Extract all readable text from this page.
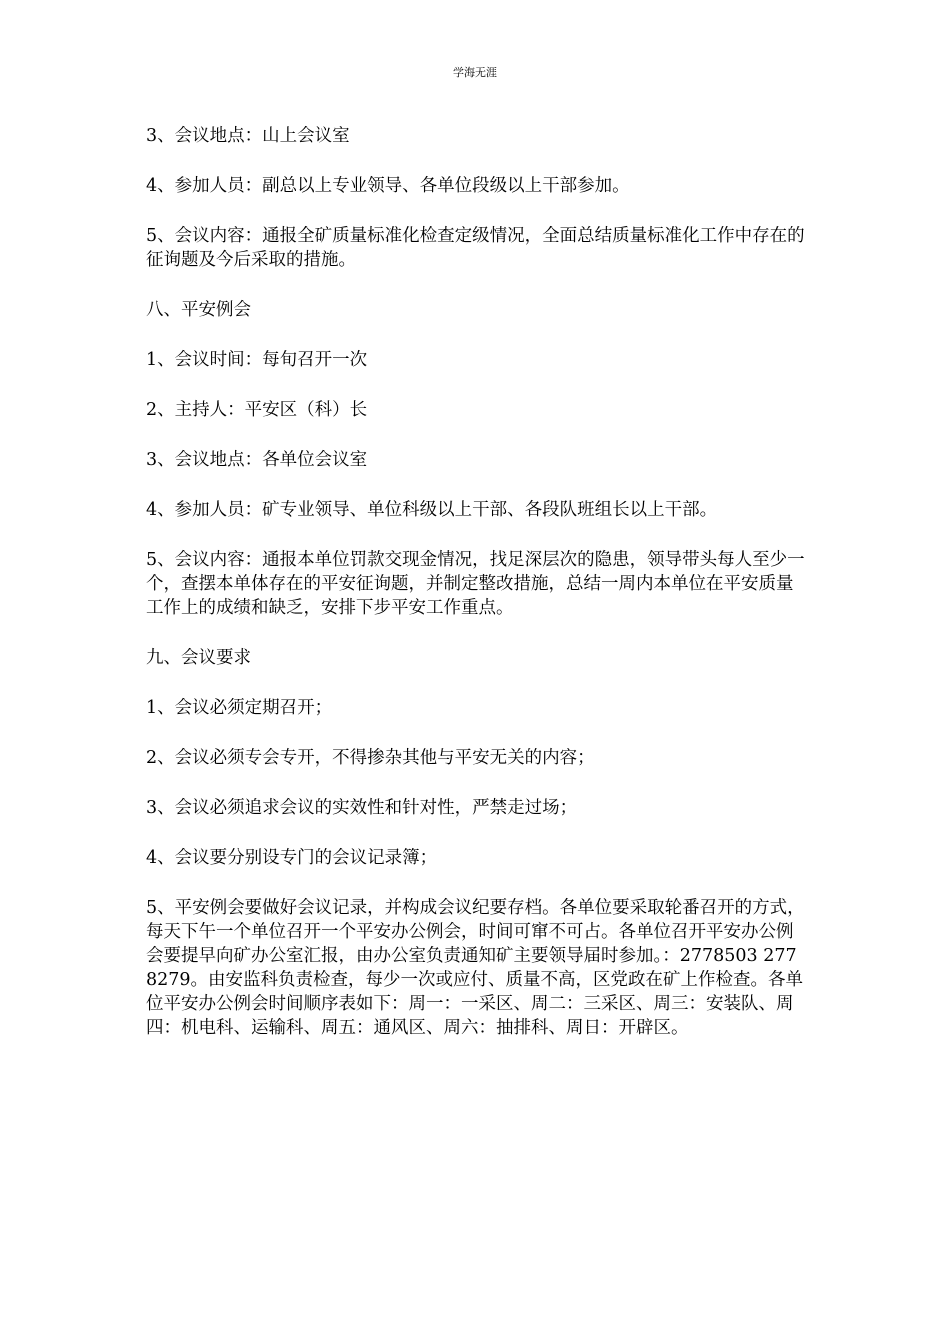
学海无涯

3、会议地点：山上会议室

4、参加人员：副总以上专业领导、各单位段级以上干部参加。

5、会议内容：通报全矿质量标准化检查定级情况，全面总结质量标准化工作中存在的征询题及今后采取的措施。

八、平安例会

1、会议时间：每旬召开一次

2、主持人：平安区（科）长

3、会议地点：各单位会议室

4、参加人员：矿专业领导、单位科级以上干部、各段队班组长以上干部。

5、会议内容：通报本单位罚款交现金情况，找足深层次的隐患，领导带头每人至少一个，查摆本单体存在的平安征询题，并制定整改措施，总结一周内本单位在平安质量工作上的成绩和缺乏，安排下步平安工作重点。

九、会议要求

1、会议必须定期召开；

2、会议必须专会专开，不得掺杂其他与平安无关的内容；

3、会议必须追求会议的实效性和针对性，严禁走过场；

4、会议要分别设专门的会议记录簿；

5、平安例会要做好会议记录，并构成会议纪要存档。各单位要采取轮番召开的方式，每天下午一个单位召开一个平安办公例会，时间可窜不可占。各单位召开平安办公例会要提早向矿办公室汇报，由办公室负责通知矿主要领导届时参加。：2778503 2778279。由安监科负责检查，每少一次或应付、质量不高，区党政在矿上作检查。各单位平安办公例会时间顺序表如下：周一：一采区、周二：三采区、周三：安装队、周四：机电科、运输科、周五：通风区、周六：抽排科、周日：开辟区。
